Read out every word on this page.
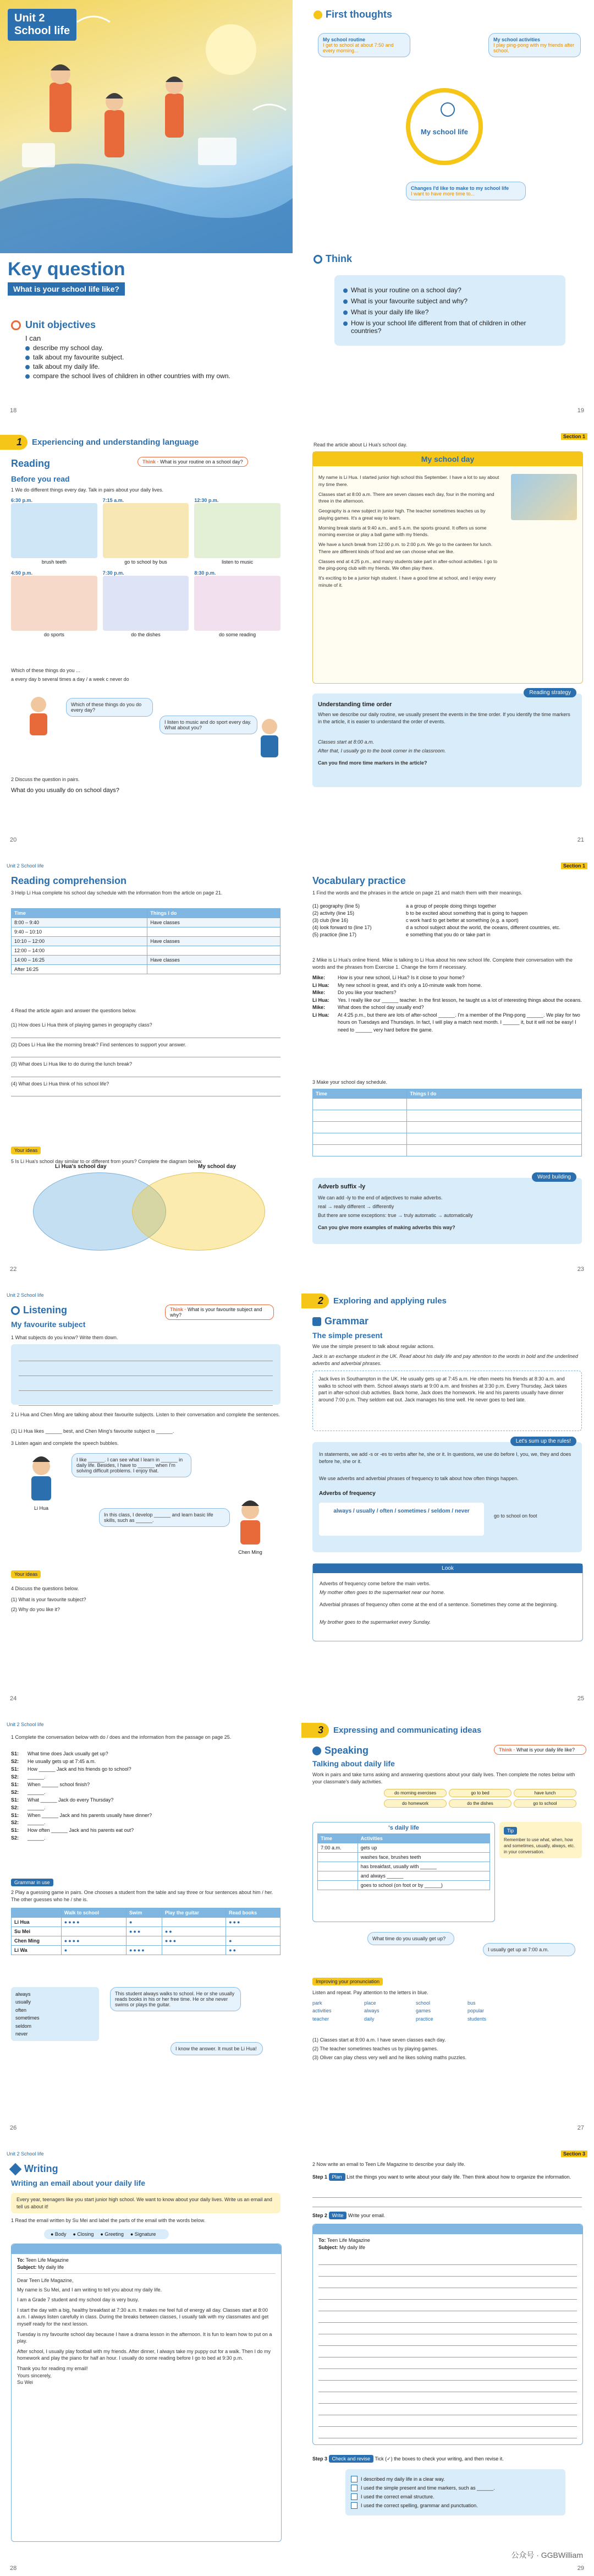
Unit 2
School life
Key question
What is your school life like?
Unit objectives
I can
describe my school day.
talk about my favourite subject.
talk about my daily life.
compare the school lives of children in other countries with my own.
18
First thoughts
My school routine
I get to school at about 7:50 and every morning...
My school activities
I play ping-pong with my friends after school.
My school life
Changes I'd like to make to my school life
I want to have more time to...
Think
What is your routine on a school day?
What is your favourite subject and why?
What is your daily life like?
How is your school life different from that of children in other countries?
19
1	Experiencing and understanding language
Reading	Think · What is your routine on a school day?
Before you read
1 We do different things every day. Talk in pairs about your daily lives.
6:30 p.m.
brush teeth
7:15 a.m.
go to school by bus
12:30 p.m.
listen to music
4:50 p.m.
do sports
7:30 p.m.
do the dishes
8:30 p.m.
do some reading
Which of these things do you ...
a every day b several times a day / a week c never do
Which of these things do you do every day?
I listen to music and do sport every day. What about you?
2 Discuss the question in pairs.
What do you usually do on school days?
20
Section 1
Read the article about Li Hua's school day.
My school day

My name is Li Hua. I started junior high school this September. I have a lot to say about my time there.

Classes start at 8:00 a.m. There are seven classes each day, four in the morning and three in the afternoon.

Geography is a new subject in junior high. The teacher sometimes teaches us by playing games. It's a great way to learn.

Morning break starts at 9:40 a.m., and 5 a.m. the sports ground. It offers us some morning exercise or play a ball game with my friends.

We have a lunch break from 12:00 p.m. to 2:00 p.m. We go to the canteen for lunch. There are different kinds of food and we can choose what we like.

Classes end at 4:25 p.m., and many students take part in after-school activities. I go to the ping-pong club with my friends. We often play there.

It's exciting to be a junior high student. I have a good time at school, and I enjoy every minute of it.

Reading strategy
Understanding time order
When we describe our daily routine, we usually present the events in the time order. If you identify the time markers in the article, it is easier to understand the order of events.
Classes start at 8:00 a.m.
After that, I usually go to the book corner in the classroom.
Can you find more time markers in the article?
21
Unit 2 School life
Reading comprehension
3 Help Li Hua complete his school day schedule with the information from the article on page 21.
Time	Things I do
8:00 – 9:40	Have classes
9:40 – 10:10	
10:10 – 12:00	Have classes
12:00 – 14:00	
14:00 – 16:25	Have classes
After 16:25	
4 Read the article again and answer the questions below.
(1) How does Li Hua think of playing games in geography class?
(2) Does Li Hua like the morning break? Find sentences to support your answer.
(3) What does Li Hua like to do during the lunch break?
(4) What does Li Hua think of his school life?
Your ideas
5 Is Li Hua's school day similar to or different from yours? Complete the diagram below.
Li Hua's school day	My school day
22
Section 1
Vocabulary practice
1 Find the words and the phrases in the article on page 21 and match them with their meanings.
(1) geography (line 5)	a a group of people doing things together
(2) activity (line 15)	b to be excited about something that is going to happen
(3) club (line 16)	c work hard to get better at something (e.g. a sport)
(4) look forward to (line 17)	d a school subject about the world, the oceans, different countries, etc.
(5) practice (line 17)	e something that you do or take part in
2 Mike is Li Hua's online friend. Mike is talking to Li Hua about his new school life. Complete their conversation with the words and the phrases from Exercise 1. Change the form if necessary.
Mike:	How is your new school, Li Hua? Is it close to your home?
Li Hua:	My new school is great, and it's only a 10-minute walk from home.
Mike:	Do you like your teachers?
Li Hua:	Yes. I really like our ______ teacher. In the first lesson, he taught us a lot of interesting things about the oceans.
Mike:	What does the school day usually end?
Li Hua:	At 4:25 p.m., but there are lots of after-school ______. I'm a member of the Ping-pong ______. We play for two hours on Tuesdays and Thursdays. In fact, I will play a match next month. I ______ it, but it will not be easy! I need to ______ very hard before the game.
3 Make your school day schedule.
Time	Things I do

Word building
Adverb suffix -ly
We can add -ly to the end of adjectives to make adverbs.
real → really different → differently
But there are some exceptions: true → truly automatic → automatically
Can you give more examples of making adverbs this way?
23
Unit 2 School life
Listening
My favourite subject
Think · What is your favourite subject and why?
1 What subjects do you know? Write them down.
2 Li Hua and Chen Ming are talking about their favourite subjects. Listen to their conversation and complete the sentences.
(1) Li Hua likes ______ best, and Chen Ming's favourite subject is ______.
3 Listen again and complete the speech bubbles.
Li Hua
I like ______. I can see what I learn in ______ in daily life. Besides, I have to ______ when I'm solving difficult problems. I enjoy that.
Chen Ming
In this class, I develop ______ and learn basic life skills, such as ______.
Your ideas
4 Discuss the questions below.
(1) What is your favourite subject?
(2) Why do you like it?
24
2	Exploring and applying rules
Grammar
The simple present
We use the simple present to talk about regular actions.
Jack is an exchange student in the UK. Read about his daily life and pay attention to the words in bold and the underlined adverbs and adverbial phrases.
Jack lives in Southampton in the UK. He usually gets up at 7:45 a.m. He often meets his friends at 8:30 a.m. and walks to school with them. School always starts at 9:00 a.m. and finishes at 3:30 p.m. Every Thursday, Jack takes part in after-school club activities. Back home, Jack does the homework. He and his parents usually have dinner around 7:00 p.m. They seldom eat out. Jack manages his time well. He never goes to bed late.
Let's sum up the rules!
In statements, we add -s or -es to verbs after he, she or it. In questions, we use do before I, you, we, they and does before he, she or it.
We use adverbs and adverbial phrases of frequency to talk about how often things happen.
Adverbs of frequency
always / usually / often / sometimes / seldom / never
go to school on foot
Look
Adverbs of frequency come before the main verbs.
My mother often goes to the supermarket near our home.
Adverbial phrases of frequency often come at the end of a sentence. Sometimes they come at the beginning.
My brother goes to the supermarket every Sunday.
25
Unit 2 School life
1 Complete the conversation below with do / does and the information from the passage on page 25.
S1:	What time does Jack usually get up?
S2:	He usually gets up at 7:45 a.m.
S1:	How ______ Jack and his friends go to school?
S2:	______.
S1:	When ______ school finish?
S2:	______.
S1:	What ______ Jack do every Thursday?
S2:	______.
S1:	When ______ Jack and his parents usually have dinner?
S2:	______.
S1:	How often ______ Jack and his parents eat out?
S2:	______.
Grammar in use
2 Play a guessing game in pairs. One chooses a student from the table and say three or four sentences about him / her. The other guesses who he / she is.
	Walk to school	Swim	Play the guitar	Read books
Li Hua	●●●●	●		●●●
Su Mei		●●●	●●	
Chen Ming	●●●●		●●●	●
Li Wa	●	●●●●		●●
always
usually
often
sometimes
seldom
never
This student always walks to school. He or she usually reads books in his or her free time. He or she never swims or plays the guitar.
I know the answer. It must be Li Hua!
26
3	Expressing and communicating ideas
Speaking
Talking about daily life
Think · What is your daily life like?
Work in pairs and take turns asking and answering questions about your daily lives. Then complete the notes below with your classmate's daily activities.
do morning exercises	go to bed	have lunch
do homework	do the dishes	go to school
's daily life
Time	Activities
7:00 a.m.	gets up
	washes face, brushes teeth
	has breakfast, usually with ______
	and always ______
	goes to school (on foot or by ______)
Tip
Remember to use what, when, how and sometimes, usually, always, etc. in your conversation.
What time do you usually get up?
I usually get up at 7:00 a.m.
Improving your pronunciation
Listen and repeat. Pay attention to the letters in blue.
park	place	school	bus
activities	always	games	popular
teacher	daily	practice	students
(1) Classes start at 8:00 a.m. I have seven classes each day.
(2) The teacher sometimes teaches us by playing games.
(3) Oliver can play chess very well and he likes solving maths puzzles.
27
Unit 2 School life
Writing
Writing an email about your daily life
Every year, teenagers like you start junior high school. We want to know about your daily lives. Write us an email and tell us about it!
1 Read the email written by Su Mei and label the parts of the email with the words below.
● Body ● Closing ● Greeting ● Signature
To: Teen Life Magazine
Subject: My daily life
Dear Teen Life Magazine,

My name is Su Mei, and I am writing to tell you about my daily life.

I am a Grade 7 student and my school day is very busy.

I start the day with a big, healthy breakfast at 7:30 a.m. It makes me feel full of energy all day. Classes start at 8:00 a.m. I always listen carefully in class. During the breaks between classes, I usually talk with my classmates and get myself ready for the next lesson.

Tuesday is my favourite school day because I have a drama lesson in the afternoon. It is fun to learn how to put on a play.

After school, I usually play football with my friends. After dinner, I always take my puppy out for a walk. Then I do my homework and play the piano for half an hour. I usually do some reading before I go to bed at 9:30 p.m.

Thank you for reading my email!
Yours sincerely,
Su Wei
28
Section 3
2 Now write an email to Teen Life Magazine to describe your daily life.
Step 1 Plan List the things you want to write about your daily life. Then think about how to organize the information.
Step 2 Write Write your email.
To: Teen Life Magazine
Subject: My daily life
Step 3 Check and revise Tick (✓) the boxes to check your writing, and then revise it.
I described my daily life in a clear way.
I used the simple present and time markers, such as ______.
I used the correct email structure.
I used the correct spelling, grammar and punctuation.
公众号 · GGBWilliam
29
